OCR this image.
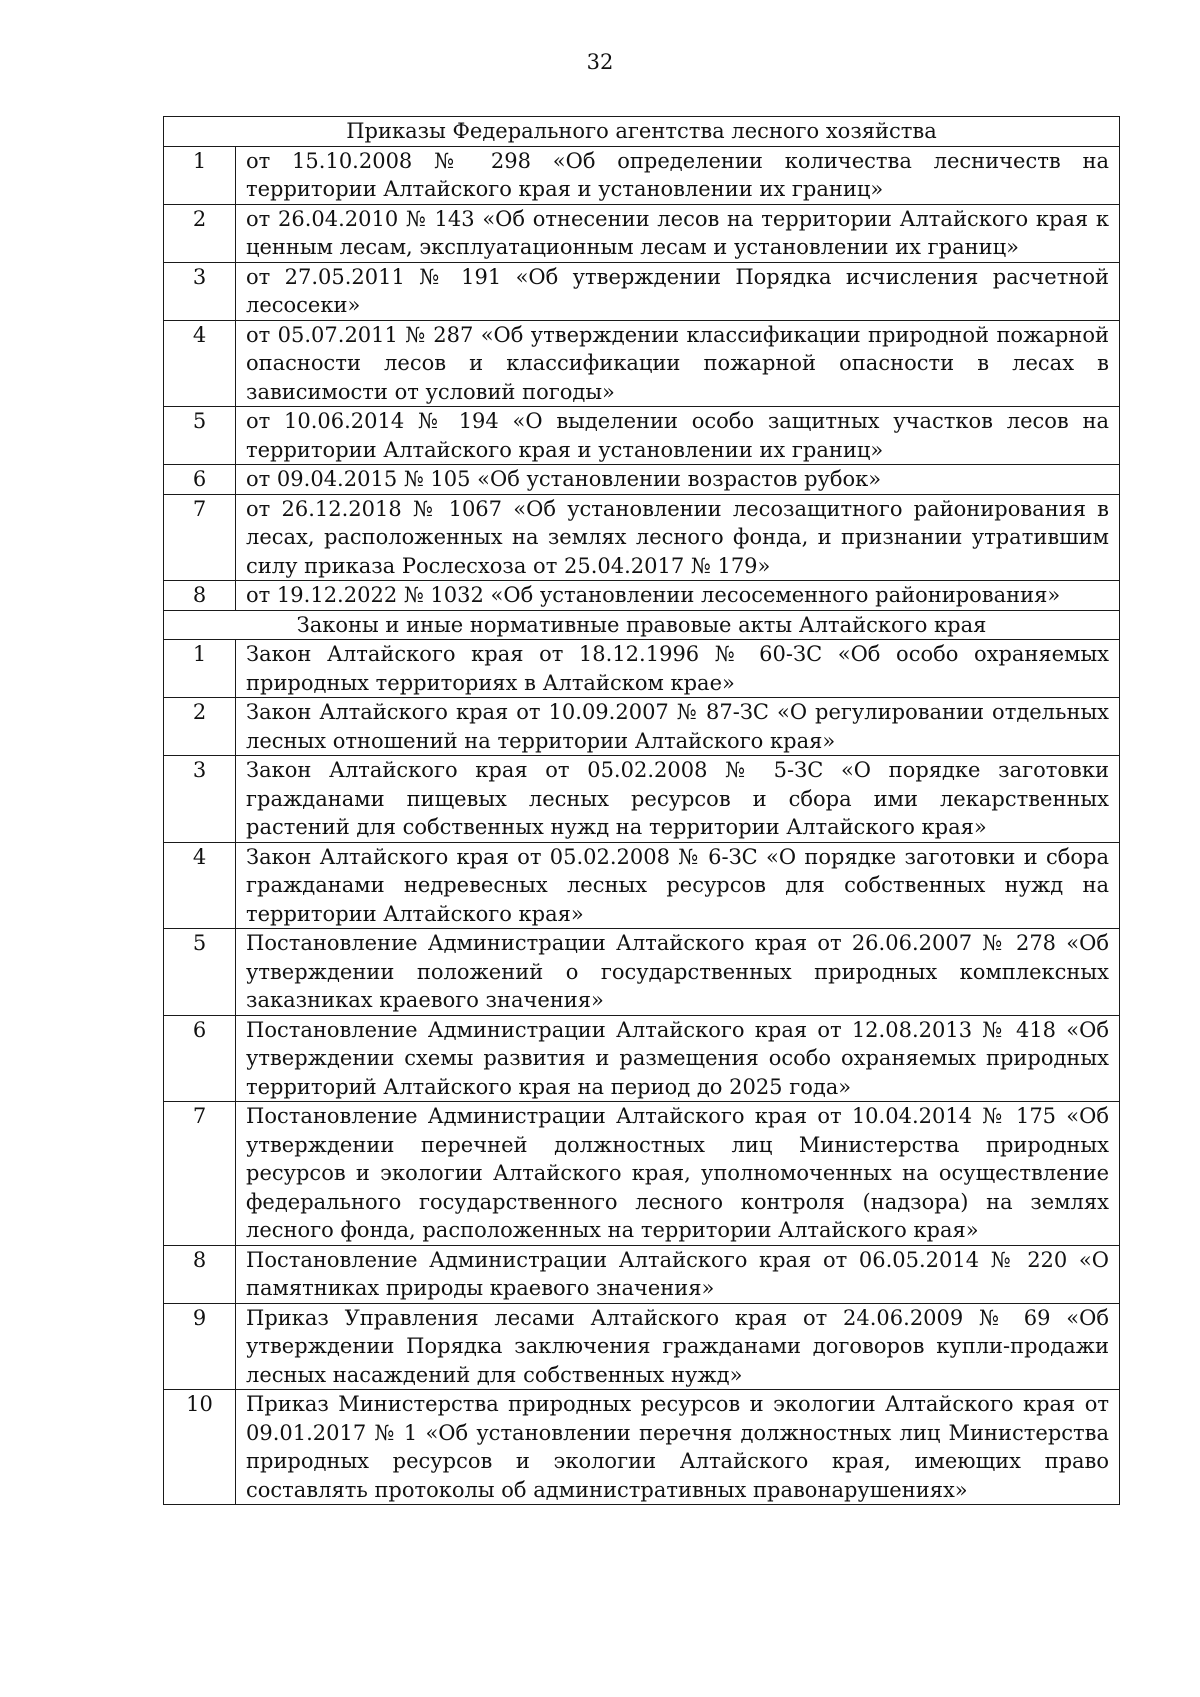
32
Приказы Федерального агентства лесного хозяйства	
1	от 15.10.2008 № 298 «Об определении количества лесничеств на территории Алтайского края и установлении их границ»
2	от 26.04.2010 № 143 «Об отнесении лесов на территории Алтайского края к ценным лесам, эксплуатационным лесам и установлении их границ»
3	от 27.05.2011 № 191 «Об утверждении Порядка исчисления расчетной лесосеки»
4	от 05.07.2011 № 287 «Об утверждении классификации природной пожарной опасности лесов и классификации пожарной опасности в лесах в зависимости от условий погоды»
5	от 10.06.2014 № 194 «О выделении особо защитных участков лесов на территории Алтайского края и установлении их границ»
6	от 09.04.2015 № 105 «Об установлении возрастов рубок»
7	от 26.12.2018 № 1067 «Об установлении лесозащитного районирования в лесах, расположенных на землях лесного фонда, и признании утратившим силу приказа Рослесхоза от 25.04.2017 № 179»
8	от 19.12.2022 № 1032 «Об установлении лесосеменного районирования»
Законы и иные нормативные правовые акты Алтайского края	
1	Закон Алтайского края от 18.12.1996 № 60-ЗС «Об особо охраняемых природных территориях в Алтайском крае»
2	Закон Алтайского края от 10.09.2007 № 87-ЗС «О регулировании отдельных лесных отношений на территории Алтайского края»
3	Закон Алтайского края от 05.02.2008 № 5-ЗС «О порядке заготовки гражданами пищевых лесных ресурсов и сбора ими лекарственных растений для собственных нужд на территории Алтайского края»
4	Закон Алтайского края от 05.02.2008 № 6-ЗС «О порядке заготовки и сбора гражданами недревесных лесных ресурсов для собственных нужд на территории Алтайского края»
5	Постановление Администрации Алтайского края от 26.06.2007 № 278 «Об утверждении положений о государственных природных комплексных заказниках краевого значения»
6	Постановление Администрации Алтайского края от 12.08.2013 № 418 «Об утверждении схемы развития и размещения особо охраняемых природных территорий Алтайского края на период до 2025 года»
7	Постановление Администрации Алтайского края от 10.04.2014 № 175 «Об утверждении перечней должностных лиц Министерства природных ресурсов и экологии Алтайского края, уполномоченных на осуществление федерального государственного лесного контроля (надзора) на землях лесного фонда, расположенных на территории Алтайского края»
8	Постановление Администрации Алтайского края от 06.05.2014 № 220 «О памятниках природы краевого значения»
9	Приказ Управления лесами Алтайского края от 24.06.2009 № 69 «Об утверждении Порядка заключения гражданами договоров купли-продажи лесных насаждений для собственных нужд»
10	Приказ Министерства природных ресурсов и экологии Алтайского края от 09.01.2017 № 1 «Об установлении перечня должностных лиц Министерства природных ресурсов и экологии Алтайского края, имеющих право составлять протоколы об административных правонарушениях»
